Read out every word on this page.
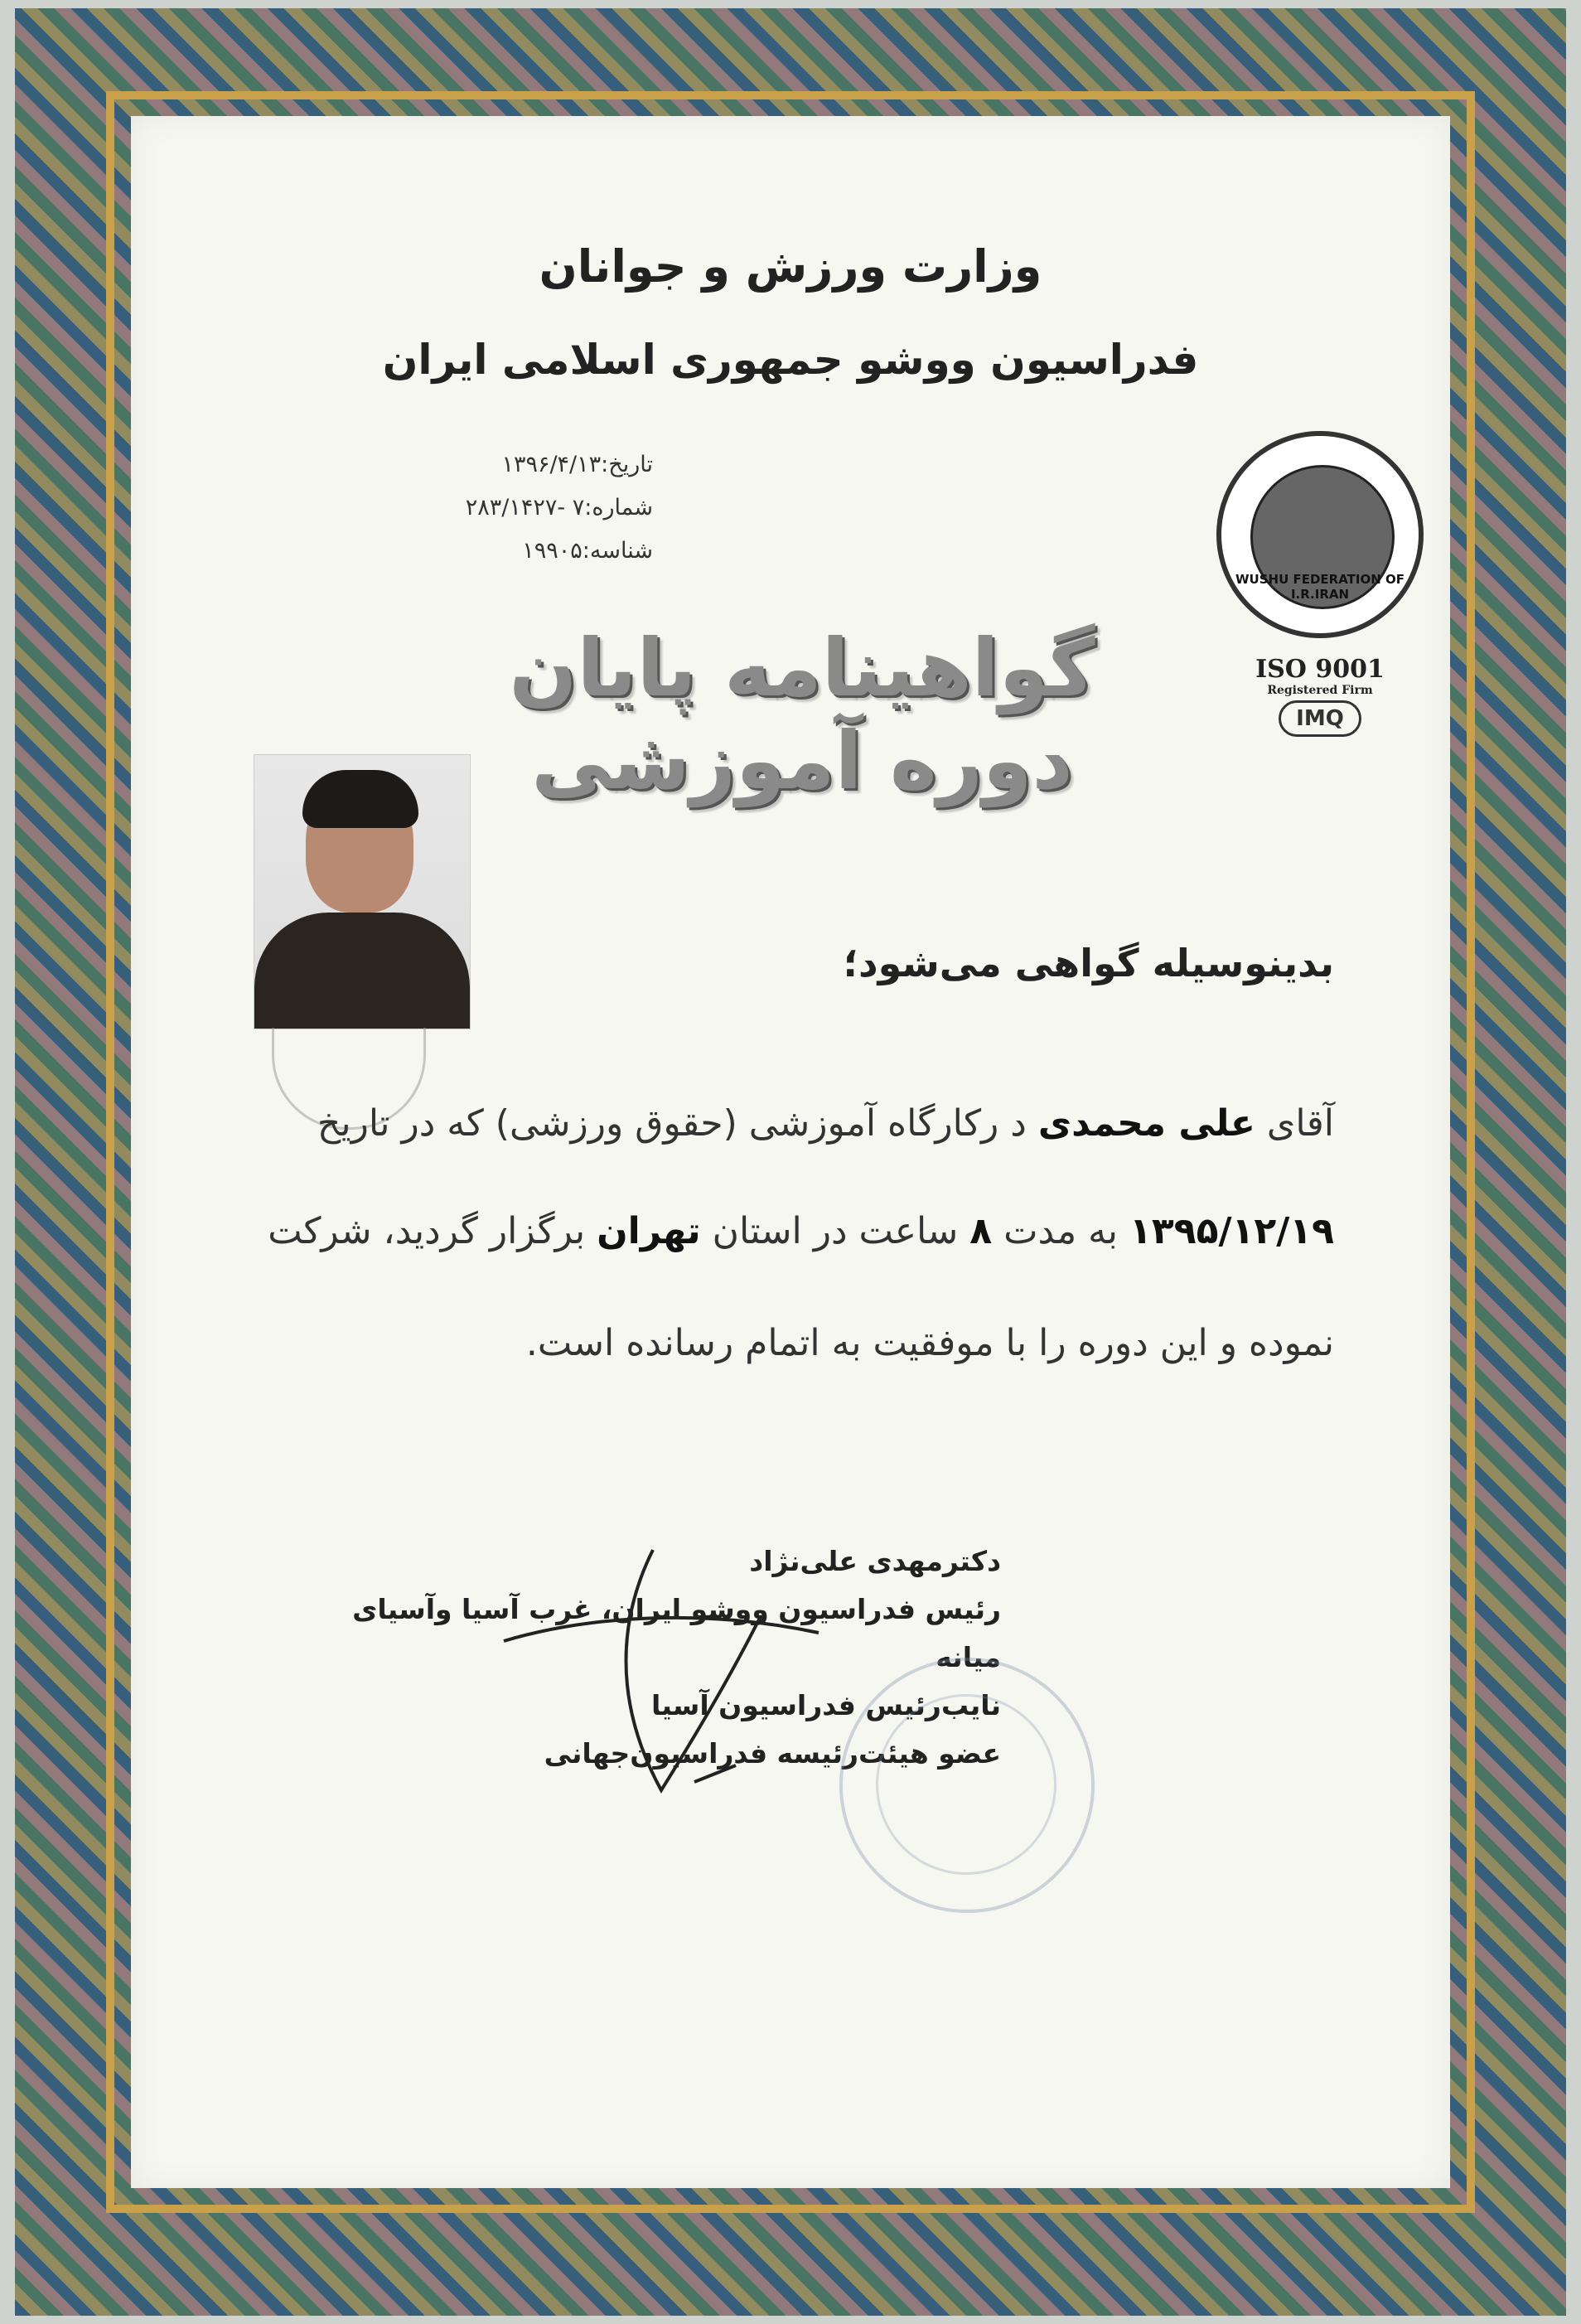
وزارت ورزش و جوانان
فدراسیون ووشو جمهوری اسلامی ایران
تاریخ:۱۳۹۶/۴/۱۳
شماره:۷ -۲۸۳/۱۴۲۷
شناسه:۱۹۹۰۵
WUSHU FEDERATION OF I.R.IRAN
ISO 9001
Registered Firm
IMQ
گواهینامه پایان دوره آموزشی
بدینوسیله گواهی می‌شود؛
آقای علی محمدی د رکارگاه آموزشی (حقوق ورزشی) که در تاریخ
۱۳۹۵/۱۲/۱۹ به مدت ۸ ساعت در استان تهران برگزار گردید، شرکت
نموده و این دوره را با موفقیت به اتمام رسانده است.
دکترمهدی علی‌نژاد
رئیس فدراسیون ووشو ایران، غرب آسیا وآسیای میانه
نایب‌رئیس فدراسیون آسیا
عضو هیئت‌رئیسه فدراسیون‌جهانی
